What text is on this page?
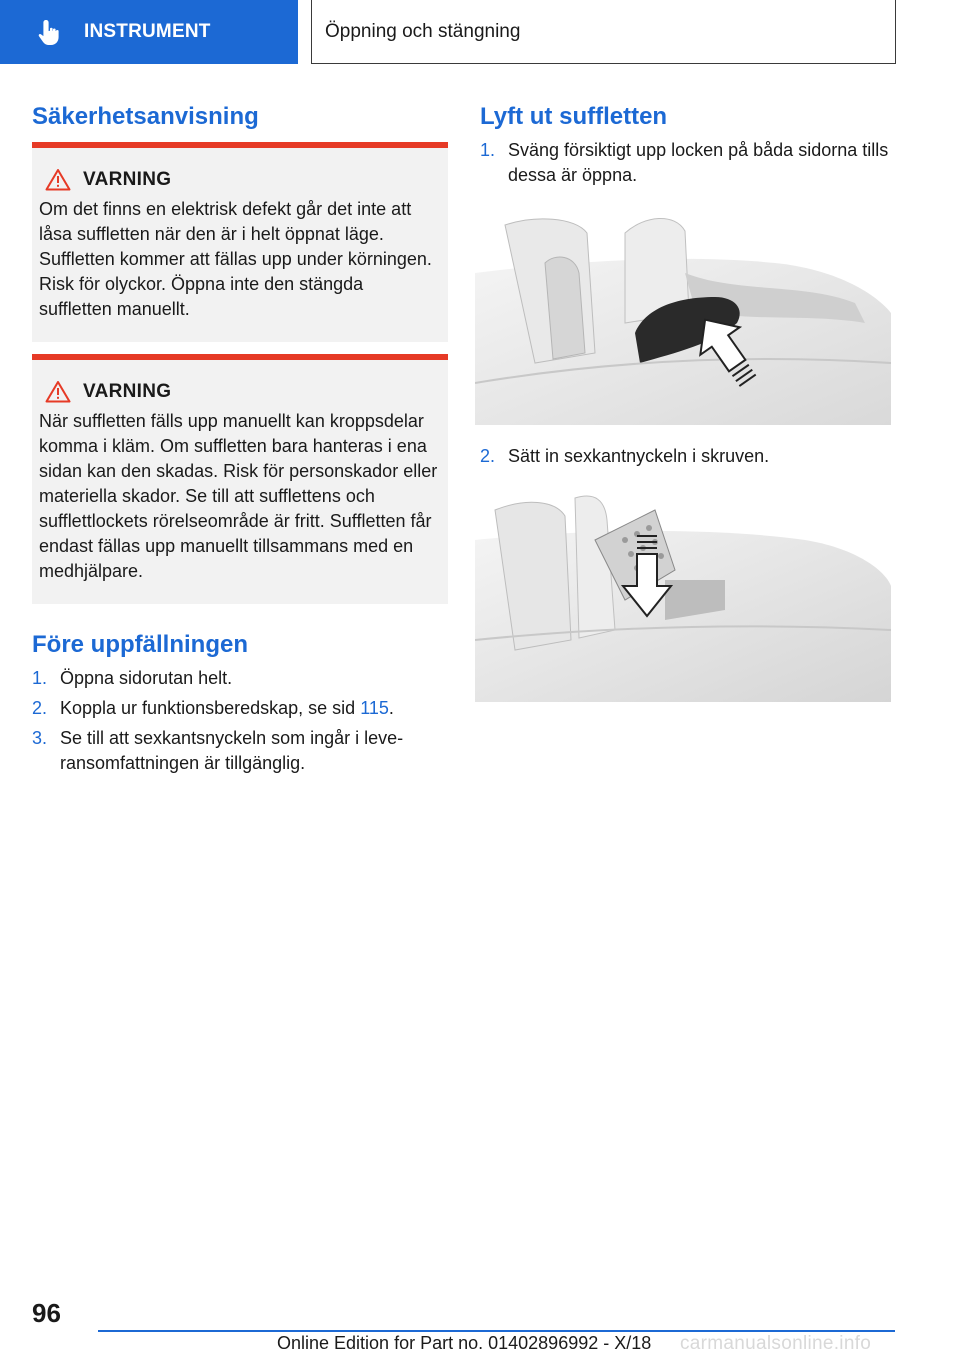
INSTRUMENT	Öppning och stängning
Säkerhetsanvisning
VARNING

Om det finns en elektrisk defekt går det inte att låsa suffletten när den är i helt öppnat läge. Suffletten kommer att fällas upp under körningen. Risk för olyckor. Öppna inte den stängda suffletten manuellt.

VARNING

När suffletten fälls upp manuellt kan kroppsdelar komma i kläm. Om suffletten bara hanteras i ena sidan kan den skadas. Risk för personskador eller materiella skador. Se till att sufflettens och sufflettlockets rörelseområde är fritt. Suffletten får endast fällas upp manuellt tillsammans med en medhjälpare.

Före uppfällningen
1. Öppna sidorutan helt.
2. Koppla ur funktionsberedskap, se sid 115.
3. Se till att sexkantsnyckeln som ingår i leveransomfattningen är tillgänglig.
Lyft ut suffletten
1. Sväng försiktigt upp locken på båda sidorna tills dessa är öppna.
2. Sätt in sexkantnyckeln i skruven.
96
Online Edition for Part no. 01402896992 - X/18 carmanualsonline.info
